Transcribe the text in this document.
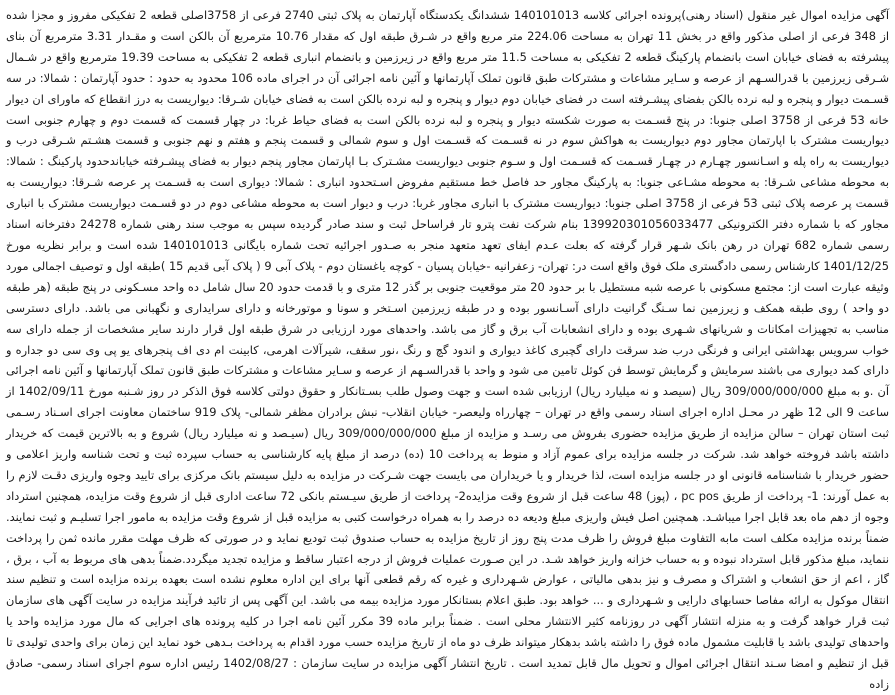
آگهی مزایده اموال غیر منقول (اسناد رهنی)پرونده اجرائی کلاسه 140101013 ششدانگ یکدستگاه آپارتمان به پلاک ثبتی 2740 فرعی از 3758اصلی قطعه 2 تفکیکی مفروز و مجزا شده از 348 فرعی از اصلی مذکور واقع در بخش 11 تهران به مساحت 224.06 متر مربع واقع در شـرق طبقه اول که مقدار 10.76 مترمربع آن بالکن است و مقـدار 3.31 مترمربع آن بنای پیشرفته به فضای خیابان است بانضمام پارکینگ قطعه 2 تفکیکی به مساحت 11.5 متر مربع واقع در زیرزمین و بانضمام انباری قطعه 2 تفکیکی به مساحت 19.39 مترمربع واقع در شـمال شـرقی زیرزمین با قدرالسـهم از عرصه و سـایر مشاعات و مشترکات طبق قانون تملک آپارتمانها و آئین نامه اجرائی آن در اجرای ماده 106 محدود به حدود : حدود آپارتمان : شمالا: در سه قسـمت دیوار و پنجره و لبه نرده بالکن بفضای پیشـرفته است در فضای خیابان دوم دیوار و پنجره و لبه نرده بالکن است به فضای خیابان شـرقا: دیواریست به درز انقطاع که ماورای ان دیوار خانه 53 فرعی از 3758 اصلی جنوبا: در پنج قسـمت به صورت شکسته دیوار و پنجره و لبه نرده بالکن است به فضای حیاط غربا: در چهار قسمت که قسمت دوم و چهارم جنوبی است دیواریست مشترک با اپارتمان مجاور دوم دیواریست به هواکش سوم در نه قسـمت که قسـمت اول و سوم شمالی و قسمت پنجم و هفتم و نهم جنوبی و قسمت هشـتم شـرقی درب و دیواریست به راه پله و اسـانسور چهـارم در چهـار قسـمت که قسـمت اول و سـوم جنوبی دیواریست مشـترک بـا اپارتمان مجاور پنجم دیوار به فضای پیشـرفته خیاباندحدود پارکینگ : شمالا: به محوطه مشاعی شـرقا: به محوطه مشـاعی جنوبا: به پارکینگ مجاور حد فاصل خط مستقیم مفروض اسـتحدود انباری : شمالا: دیواری است به قسـمت پر عرصه شـرقا: دیواریست به قسمت پر عرصه پلاک ثبتی 53 فرعی از 3758 اصلی جنوبا: دیواریست مشترک با انباری مجاور غربا: درب و دیوار است به محوطه مشاعی دوم در دو قسـمت دیواریست مشترک با انباری مجاور که با شماره دفتر الکترونیکی 13992030105603347​7 بنام شرکت نفت پترو تار فراساحل ثبت و سند صادر گردیده سپس به موجب سند رهنی شماره 24278 دفترخانه اسناد رسمی شماره 682 تهران در رهن بانک شـهر قرار گرفته که بعلت عـدم ایفای تعهد متعهد منجر به صـدور اجرائیه تحت شماره بایگانی 140101013 شده است و برابر نظریه مورخ 1401/12/25 کارشناس رسمی دادگستری ملک فوق واقع است در: تهران- زعفرانیه -خیابان پسیان - کوچه یاغستان دوم - پلاک آبی 9 ( پلاک آبی قدیم 15 )طبقه اول و توصیف اجمالی مورد وثیقه عبارت است از: مجتمع مسکونی با عرصه شبه مستطیل با بر حدود 20 متر موقعیت جنوبی بر گذر 12 متری و با قدمت حدود 20 سال شامل ده واحد مسـکونی در پنج طبقه (هر طبقه دو واحد ) روی طبقه همکف و زیرزمین نما سـنگ گرانیت دارای آسـانسور بوده و در طبقه زیرزمین اسـتخر و سونا و موتورخانه و دارای سرایداری و نگهبانی می باشد. دارای دسترسی مناسب به تجهیزات امکانات و شریانهای شـهری بوده و دارای انشعابات آب برق و گاز می باشد. واحدهای مورد ارزیابی در شرق طبقه اول قرار دارند سایر مشخصات از جمله دارای سه خواب سرویس بهداشتی ایرانی و فرنگی درب ضد سرقت دارای گچبری کاغذ دیواری و اندود گچ و رنگ ،نور سقف، شیرآلات اهرمی، کابینت ام دی اف پنجرهای یو پی وی سی دو جداره و دارای کمد دیواری می باشند سرمایش و گرمایش توسط فن کوئل تامین می شود و واحد با قدرالسـهم از عرصه و سـایر مشاعات و مشترکات طبق قانون تملک آپارتمانها و آئین نامه اجرائی آن .و به مبلغ 309/000/000/000 ریال (سیصد و نه میلیارد ریال) ارزیابی شده است و جهت وصول طلب بسـتانکار و حقوق دولتی کلاسه فوق الذکر در روز شـنبه مورخ 1402/09/11 از ساعت 9 الی 12 ظهر در محـل اداره اجرای اسناد رسمی واقع در تهران – چهارراه ولیعصر- خیابان انقلاب- نبش برادران مظفر شمالی- پلاک 919 ساختمان معاونت اجرای اسـناد رسـمی ثبت استان تهران – سالن مزایده از طریق مزایده حضوری بفروش می رسـد و مزایده از مبلغ 309/000/000/000 ریال (سیـصد و نه میلیارد ریال) شروع و به بالاترین قیمت که خریدار داشته باشد فروخته خواهد شد. شرکت در جلسه مزایده برای عموم آزاد و منوط به پرداخت 10 (ده) درصد از مبلغ پایه کارشناسی به حساب سپرده ثبت و تحت شناسه واریز اعلامی و حضور خریدار با شناسنامه قانونی او در جلسه مزایده است، لذا خریدار و یا خریداران می بایست جهت شـرکت در مزایده به دلیل سیستم بانک مرکزی برای تایید وجوه واریزی دقـت لازم را به عمل آورند: 1- پرداخت از طریق pc pos ، (پوز) 48 ساعت قبل از شروع وقت مزایده2- پرداخت از طریق سیـستم بانکی 72 ساعت اداری قبل از شروع وقت مزایده، همچنین استرداد وجوه از دهم ماه بعد قابل اجرا میباشـد. همچنین اصل فیش واریزی مبلغ ودیعه ده درصد را به همراه درخواست کتبی به مزایده قبل از شروع وقت مزایده به مامور اجرا تسلیـم و ثبت نمایند. ضمناً برنده مزایده مکلف است مابه التفاوت مبلغ فروش را ظرف مدت پنج روز از تاریخ مزایده به حساب صندوق ثبت تودیع نماید و در صورتی که ظرف مهلت مقرر مانده ثمن را پرداخت ننماید، مبلغ مذکور قابل استرداد نبوده و به حساب خزانه واریز خواهد شـد. در این صـورت عملیات فروش از درجه اعتبار ساقط و مزایده تجدید میگردد.ضمناً بدهی های مربوط به آب ، برق ، گاز ، اعم از حق انشعاب و اشتراک و مصرف و نیز بدهی مالیاتی ، عوارض شـهرداری و غیره که رقم قطعی آنها برای این اداره معلوم نشده است بعهده برنده مزایده است و تنظیم سند انتقال موکول به ارائه مفاصا حسابهای دارایی و شـهرداری و ... خواهد بود. طبق اعلام بستانکار مورد مزایده بیمه می باشد. این آگهی پس از تائید فرآیند مزایده در سایت آگهی های سازمان ثبت قرار خواهد گرفت و به منزله انتشار آگهی در روزنامه کثیر الانتشار محلی است . ضمناً برابر ماده 39 مکرر آئین نامه اجرا در کلیه پرونده های اجرایی که مال مورد مزایده واحد یا واحدهای تولیدی باشد یا قابلیت مشمول ماده فوق را داشته باشد بدهکار میتواند ظرف دو ماه از تاریخ مزایده حسب مورد اقدام به پرداخت بـدهی خود نماید این زمان برای واحدی تولیدی تا قبل از تنظیم و امضا سـند انتقال اجرائی اموال و تحویل مال قابل تمدید است . تاریخ انتشار آگهی مزایده در سایت سازمان : 1402/08/27 رئیس اداره سوم اجرای اسناد رسمی- صادق زاده
